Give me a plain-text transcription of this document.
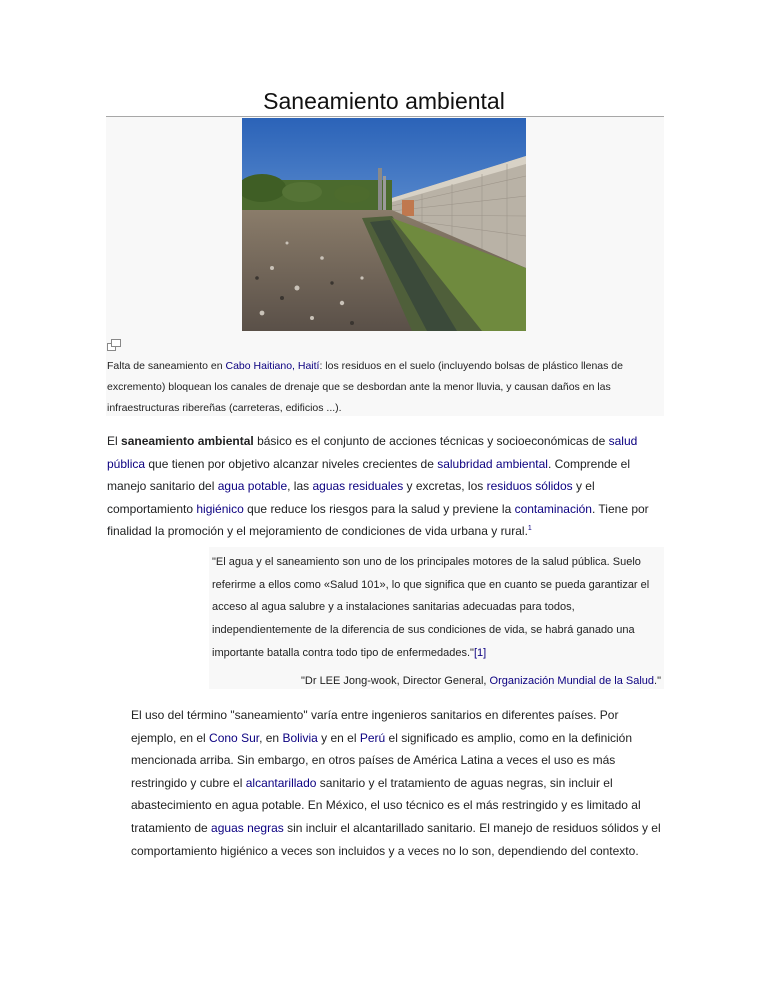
Saneamiento ambiental
Falta de saneamiento en Cabo Haitiano, Haití: los residuos en el suelo (incluyendo bolsas de plástico llenas de excremento) bloquean los canales de drenaje que se desbordan ante la menor lluvia, y causan daños en las infraestructuras ribereñas (carreteras, edificios ...).

El saneamiento ambiental básico es el conjunto de acciones técnicas y socioeconómicas de salud pública que tienen por objetivo alcanzar niveles crecientes de salubridad ambiental. Comprende el manejo sanitario del agua potable, las aguas residuales y excretas, los residuos sólidos y el comportamiento higiénico que reduce los riesgos para la salud y previene la contaminación. Tiene por finalidad la promoción y el mejoramiento de condiciones de vida urbana y rural.$^1$

"El agua y el saneamiento son uno de los principales motores de la salud pública. Suelo referirme a ellos como «Salud 101», lo que significa que en cuanto se pueda garantizar el acceso al agua salubre y a instalaciones sanitarias adecuadas para todos, independientemente de la diferencia de sus condiciones de vida, se habrá ganado una importante batalla contra todo tipo de enfermedades."[1]

"Dr LEE Jong-wook, Director General, Organización Mundial de la Salud."

El uso del término "saneamiento" varía entre ingenieros sanitarios en diferentes países. Por ejemplo, en el Cono Sur, en Bolivia y en el Perú el significado es amplio, como en la definición mencionada arriba. Sin embargo, en otros países de América Latina a veces el uso es más restringido y cubre el alcantarillado sanitario y el tratamiento de aguas negras, sin incluir el abastecimiento en agua potable. En México, el uso técnico es el más restringido y es limitado al tratamiento de aguas negras sin incluir el alcantarillado sanitario. El manejo de residuos sólidos y el comportamiento higiénico a veces son incluidos y a veces no lo son, dependiendo del contexto.
